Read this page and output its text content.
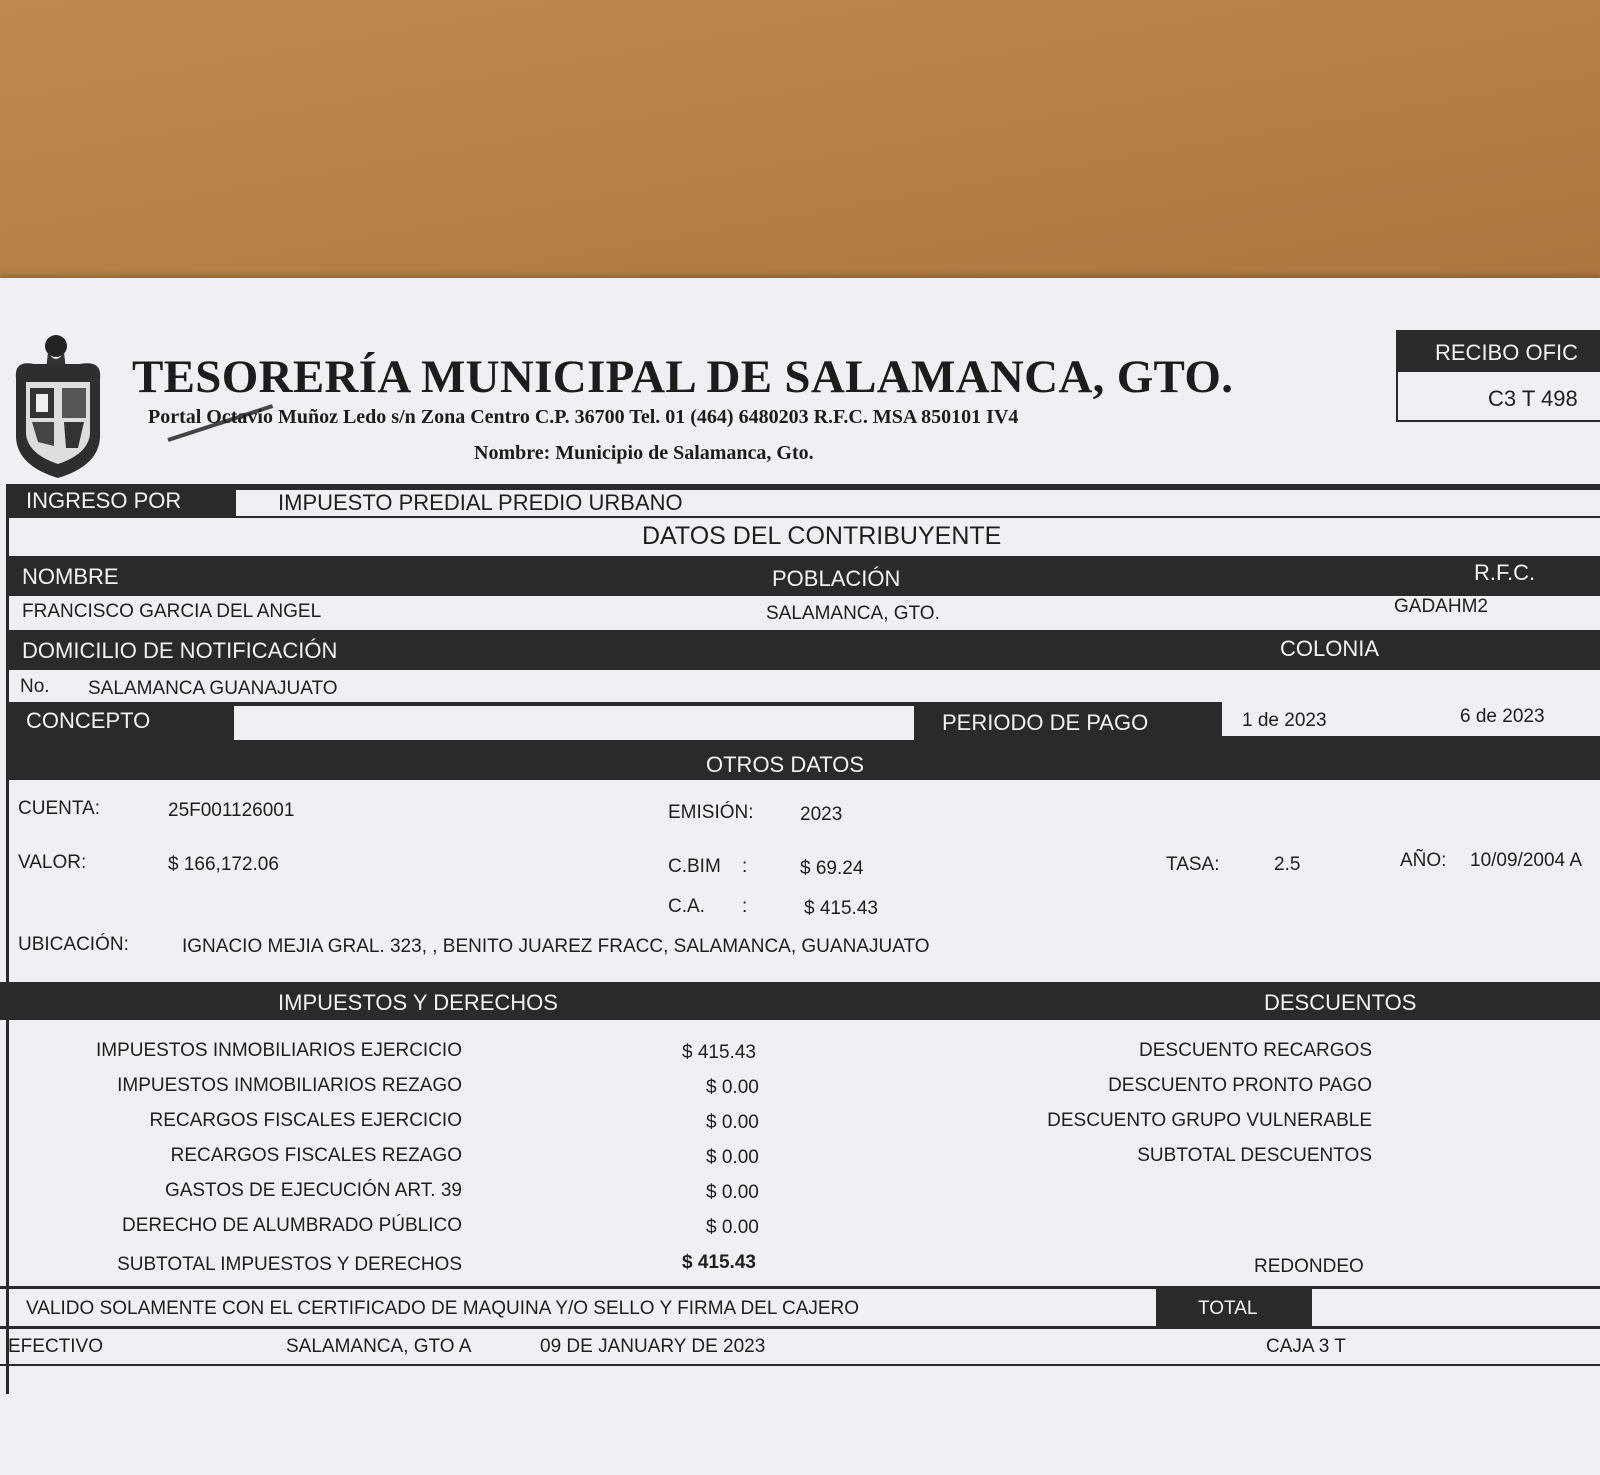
TESORERÍA MUNICIPAL DE SALAMANCA, GTO.
Portal Octavio Muñoz Ledo s/n Zona Centro C.P. 36700 Tel. 01 (464) 6480203 R.F.C. MSA 850101 IV4
Nombre: Municipio de Salamanca, Gto.
RECIBO OFIC
C3 T 498
INGRESO POR	IMPUESTO PREDIAL PREDIO URBANO
DATOS DEL CONTRIBUYENTE
NOMBRE	POBLACIÓN	R.F.C.
FRANCISCO GARCIA DEL ANGEL	SALAMANCA, GTO.	GADAHM2
DOMICILIO DE NOTIFICACIÓN	COLONIA
No. SALAMANCA GUANAJUATO
CONCEPTO	PERIODO DE PAGO	1 de 2023	6 de 2023
OTROS DATOS
CUENTA:	25F001126001	EMISIÓN: 2023
VALOR:	$ 166,172.06	C.BIM :	$ 69.24	TASA:	2.5	AÑO: 10/09/2004 A
C.A. :	$ 415.43
UBICACIÓN:	IGNACIO MEJIA GRAL. 323, , BENITO JUAREZ FRACC, SALAMANCA, GUANAJUATO
IMPUESTOS Y DERECHOS	DESCUENTOS
IMPUESTOS INMOBILIARIOS EJERCICIO	$ 415.43
IMPUESTOS INMOBILIARIOS REZAGO	$ 0.00
RECARGOS FISCALES EJERCICIO	$ 0.00
RECARGOS FISCALES REZAGO	$ 0.00
GASTOS DE EJECUCIÓN ART. 39	$ 0.00
DERECHO DE ALUMBRADO PÚBLICO	$ 0.00
SUBTOTAL IMPUESTOS Y DERECHOS	$ 415.43
DESCUENTO RECARGOS
DESCUENTO PRONTO PAGO
DESCUENTO GRUPO VULNERABLE
SUBTOTAL DESCUENTOS
REDONDEO
VALIDO SOLAMENTE CON EL CERTIFICADO DE MAQUINA Y/O SELLO Y FIRMA DEL CAJERO	TOTAL
EFECTIVO	SALAMANCA, GTO A	09 DE JANUARY DE 2023	CAJA 3 T
